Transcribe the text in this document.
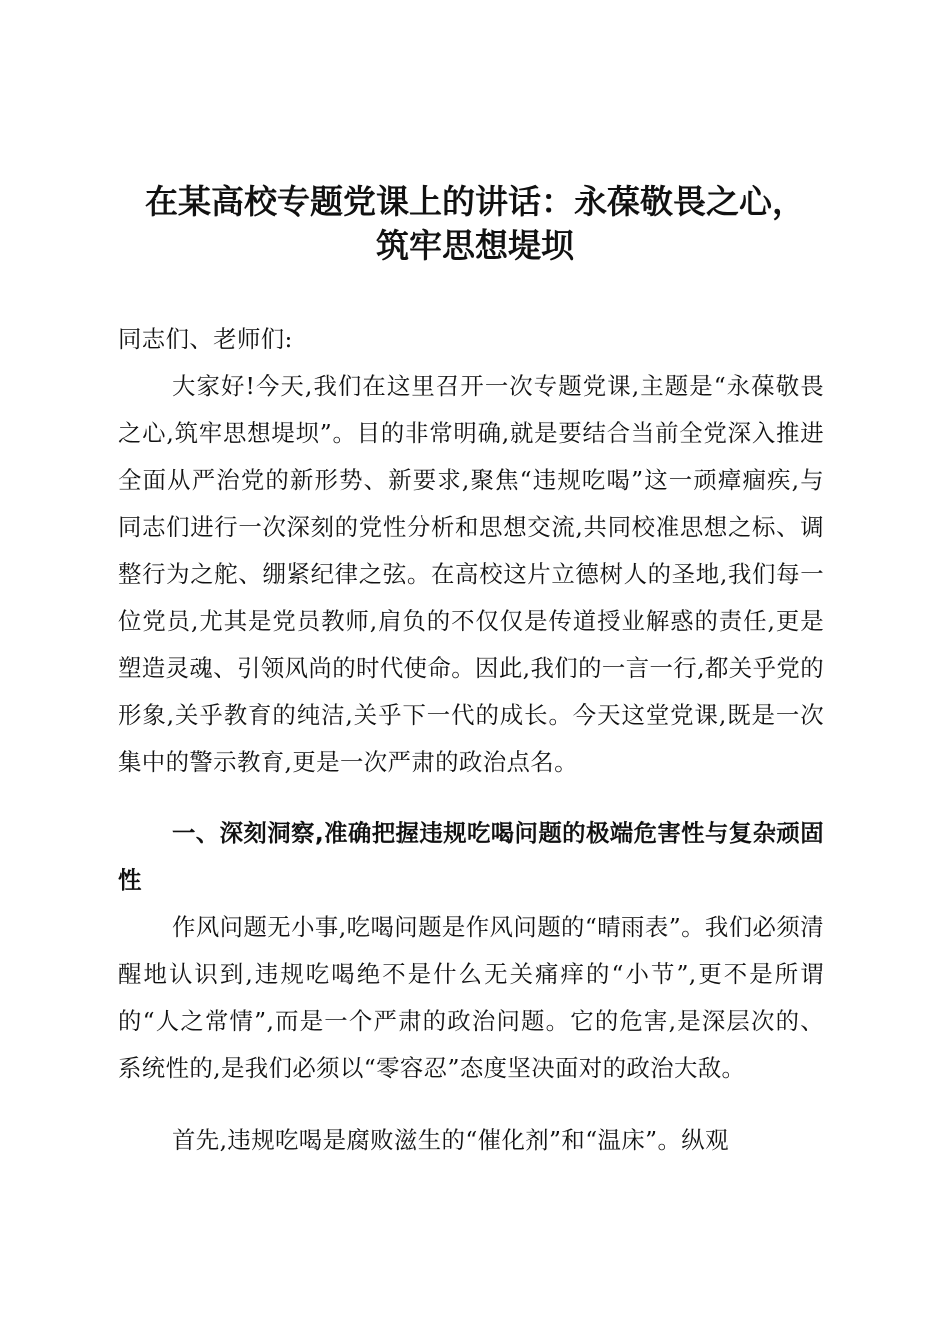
在某高校专题党课上的讲话：永葆敬畏之心，
筑牢思想堤坝

同志们、老师们:

大家好!今天,我们在这里召开一次专题党课,主题是“永葆敬畏之心,筑牢思想堤坝”。目的非常明确,就是要结合当前全党深入推进全面从严治党的新形势、新要求,聚焦“违规吃喝”这一顽瘴痼疾,与同志们进行一次深刻的党性分析和思想交流,共同校准思想之标、调整行为之舵、绷紧纪律之弦。在高校这片立德树人的圣地,我们每一位党员,尤其是党员教师,肩负的不仅仅是传道授业解惑的责任,更是塑造灵魂、引领风尚的时代使命。因此,我们的一言一行,都关乎党的形象,关乎教育的纯洁,关乎下一代的成长。今天这堂党课,既是一次集中的警示教育,更是一次严肃的政治点名。

一、深刻洞察,准确把握违规吃喝问题的极端危害性与复杂顽固性

作风问题无小事,吃喝问题是作风问题的“晴雨表”。我们必须清醒地认识到,违规吃喝绝不是什么无关痛痒的“小节”,更不是所谓的“人之常情”,而是一个严肃的政治问题。它的危害,是深层次的、系统性的,是我们必须以“零容忍”态度坚决面对的政治大敌。

首先,违规吃喝是腐败滋生的“催化剂”和“温床”。纵观
